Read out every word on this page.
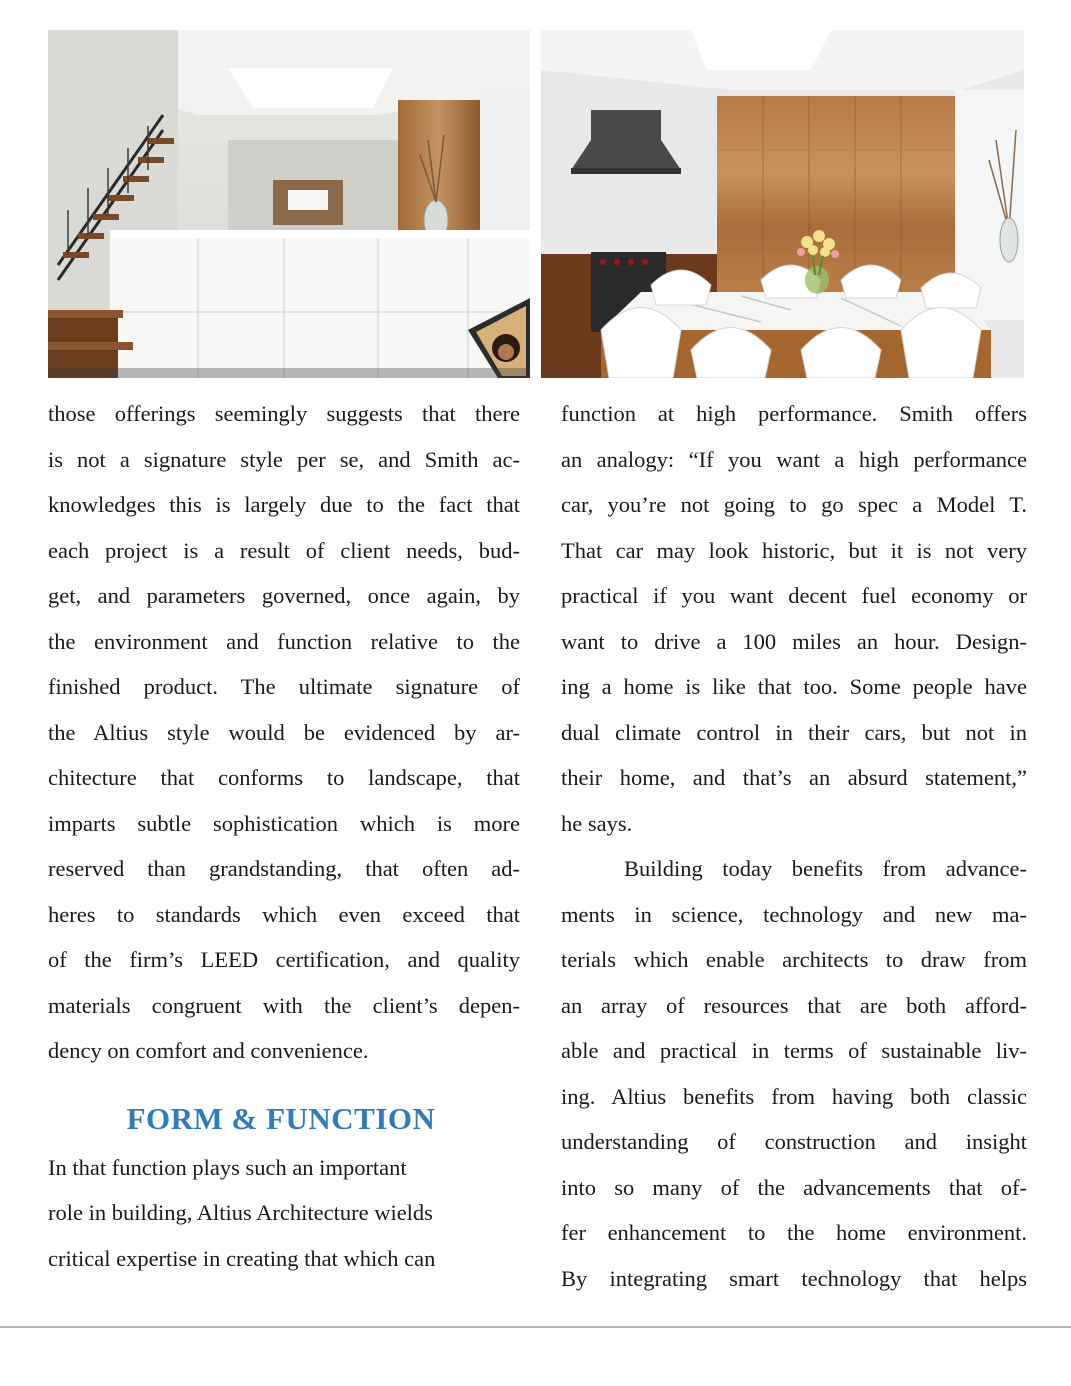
those offerings seemingly suggests that there

is not a signature style per se, and Smith ac-

knowledges this is largely due to the fact that

each project is a result of client needs, bud-

get, and parameters governed, once again, by

the environment and function relative to the

finished product. The ultimate signature of

the Altius style would be evidenced by ar-

chitecture that conforms to landscape, that

imparts subtle sophistication which is more

reserved than grandstanding, that often ad-

heres to standards which even exceed that

of the firm’s LEED certification, and quality

materials congruent with the client’s depen-

dency on comfort and convenience.

FORM & FUNCTION

In that function plays such an important

role in building, Altius Architecture wields

critical expertise in creating that which can

function at high performance. Smith offers

an analogy: “If you want a high performance

car, you’re not going to go spec a Model T.

That car may look historic, but it is not very

practical if you want decent fuel economy or

want to drive a 100 miles an hour. Design-

ing a home is like that too. Some people have

dual climate control in their cars, but not in

their home, and that’s an absurd statement,”

he says.

Building today benefits from advance-

ments in science, technology and new ma-

terials which enable architects to draw from

an array of resources that are both afford-

able and practical in terms of sustainable liv-

ing. Altius benefits from having both classic

understanding of construction and insight

into so many of the advancements that of-

fer enhancement to the home environment.

By integrating smart technology that helps
